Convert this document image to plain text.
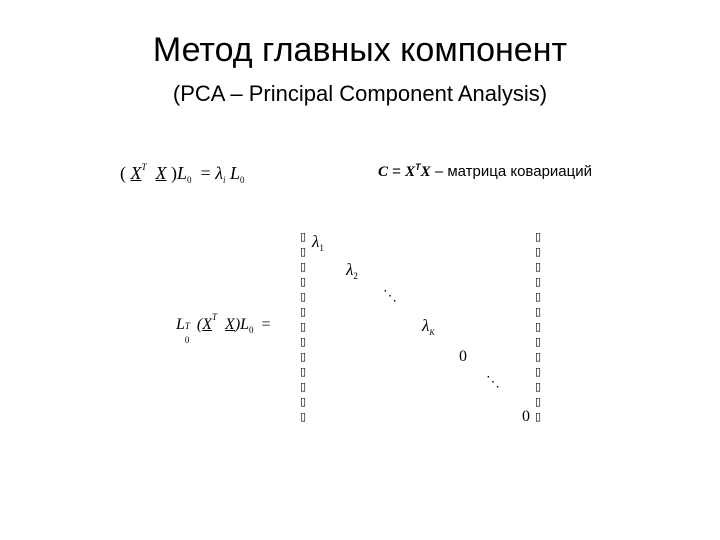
Метод главных компонент
(PCA – Principal Component Analysis)
( $X^T$ X )$L_0 = \lambda_i$ $L_0$	$C = X^TX$ – матрица ковариаций
L T
0
($X^T$ $X)L_0$ =
▯
▯
▯
▯
▯
▯
▯
▯
▯
▯
▯
▯
▯
▯
▯
▯
▯
▯
▯
▯
▯
▯
▯
▯
▯
▯
$\lambda_1$
$\lambda_2$
⋱
$\lambda_K$
0
⋱
0
